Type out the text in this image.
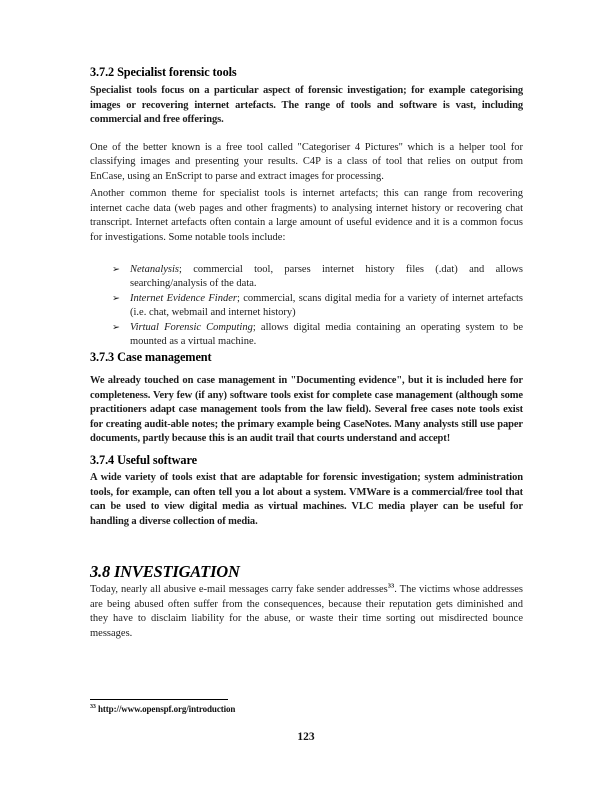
3.7.2 Specialist forensic tools

Specialist tools focus on a particular aspect of forensic investigation; for example categorising images or recovering internet artefacts. The range of tools and software is vast, including commercial and free offerings.

One of the better known is a free tool called "Categoriser 4 Pictures" which is a helper tool for classifying images and presenting your results. C4P is a class of tool that relies on output from EnCase, using an EnScript to parse and extract images for processing.

Another common theme for specialist tools is internet artefacts; this can range from recovering internet cache data (web pages and other fragments) to analysing internet history or recovering chat transcript. Internet artefacts often contain a large amount of useful evidence and it is a common focus for investigations. Some notable tools include:

➢ Netanalysis; commercial tool, parses internet history files (.dat) and allows searching/analysis of the data.
➢ Internet Evidence Finder; commercial, scans digital media for a variety of internet artefacts (i.e. chat, webmail and internet history)
➢ Virtual Forensic Computing; allows digital media containing an operating system to be mounted as a virtual machine.
3.7.3 Case management

We already touched on case management in "Documenting evidence", but it is included here for completeness. Very few (if any) software tools exist for complete case management (although some practitioners adapt case management tools from the law field). Several free cases note tools exist for creating audit-able notes; the primary example being CaseNotes. Many analysts still use paper documents, partly because this is an audit trail that courts understand and accept!

3.7.4 Useful software

A wide variety of tools exist that are adaptable for forensic investigation; system administration tools, for example, can often tell you a lot about a system. VMWare is a commercial/free tool that can be used to view digital media as virtual machines. VLC media player can be useful for handling a diverse collection of media.

3.8 INVESTIGATION

Today, nearly all abusive e-mail messages carry fake sender addresses$^{33}$. The victims whose addresses are being abused often suffer from the consequences, because their reputation gets diminished and they have to disclaim liability for the abuse, or waste their time sorting out misdirected bounce messages.

$^{33}$ http://www.openspf.org/introduction

123
